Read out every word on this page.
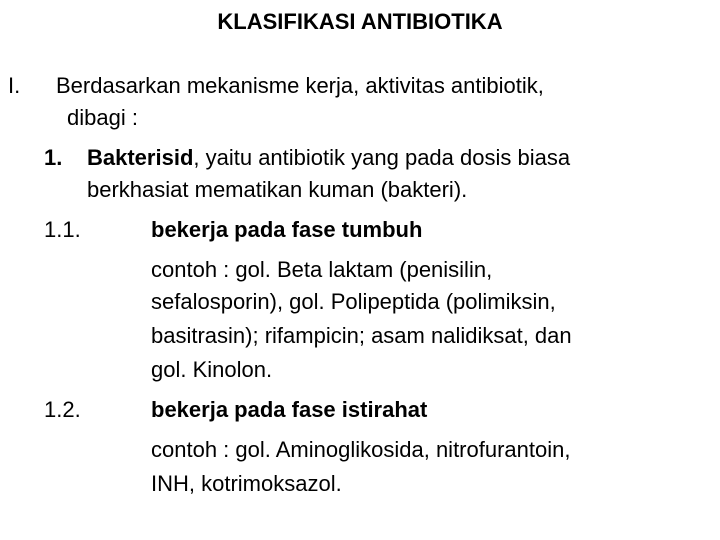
KLASIFIKASI ANTIBIOTIKA
I. Berdasarkan mekanisme kerja, aktivitas antibiotik,
dibagi :
1. Bakterisid, yaitu antibiotik yang pada dosis biasa
berkhasiat mematikan kuman (bakteri).
1.1.	bekerja pada fase tumbuh
contoh : gol. Beta laktam (penisilin,
sefalosporin), gol. Polipeptida (polimiksin,
basitrasin); rifampicin; asam nalidiksat, dan
gol. Kinolon.
1.2.	bekerja pada fase istirahat
contoh : gol. Aminoglikosida, nitrofurantoin,
INH, kotrimoksazol.
